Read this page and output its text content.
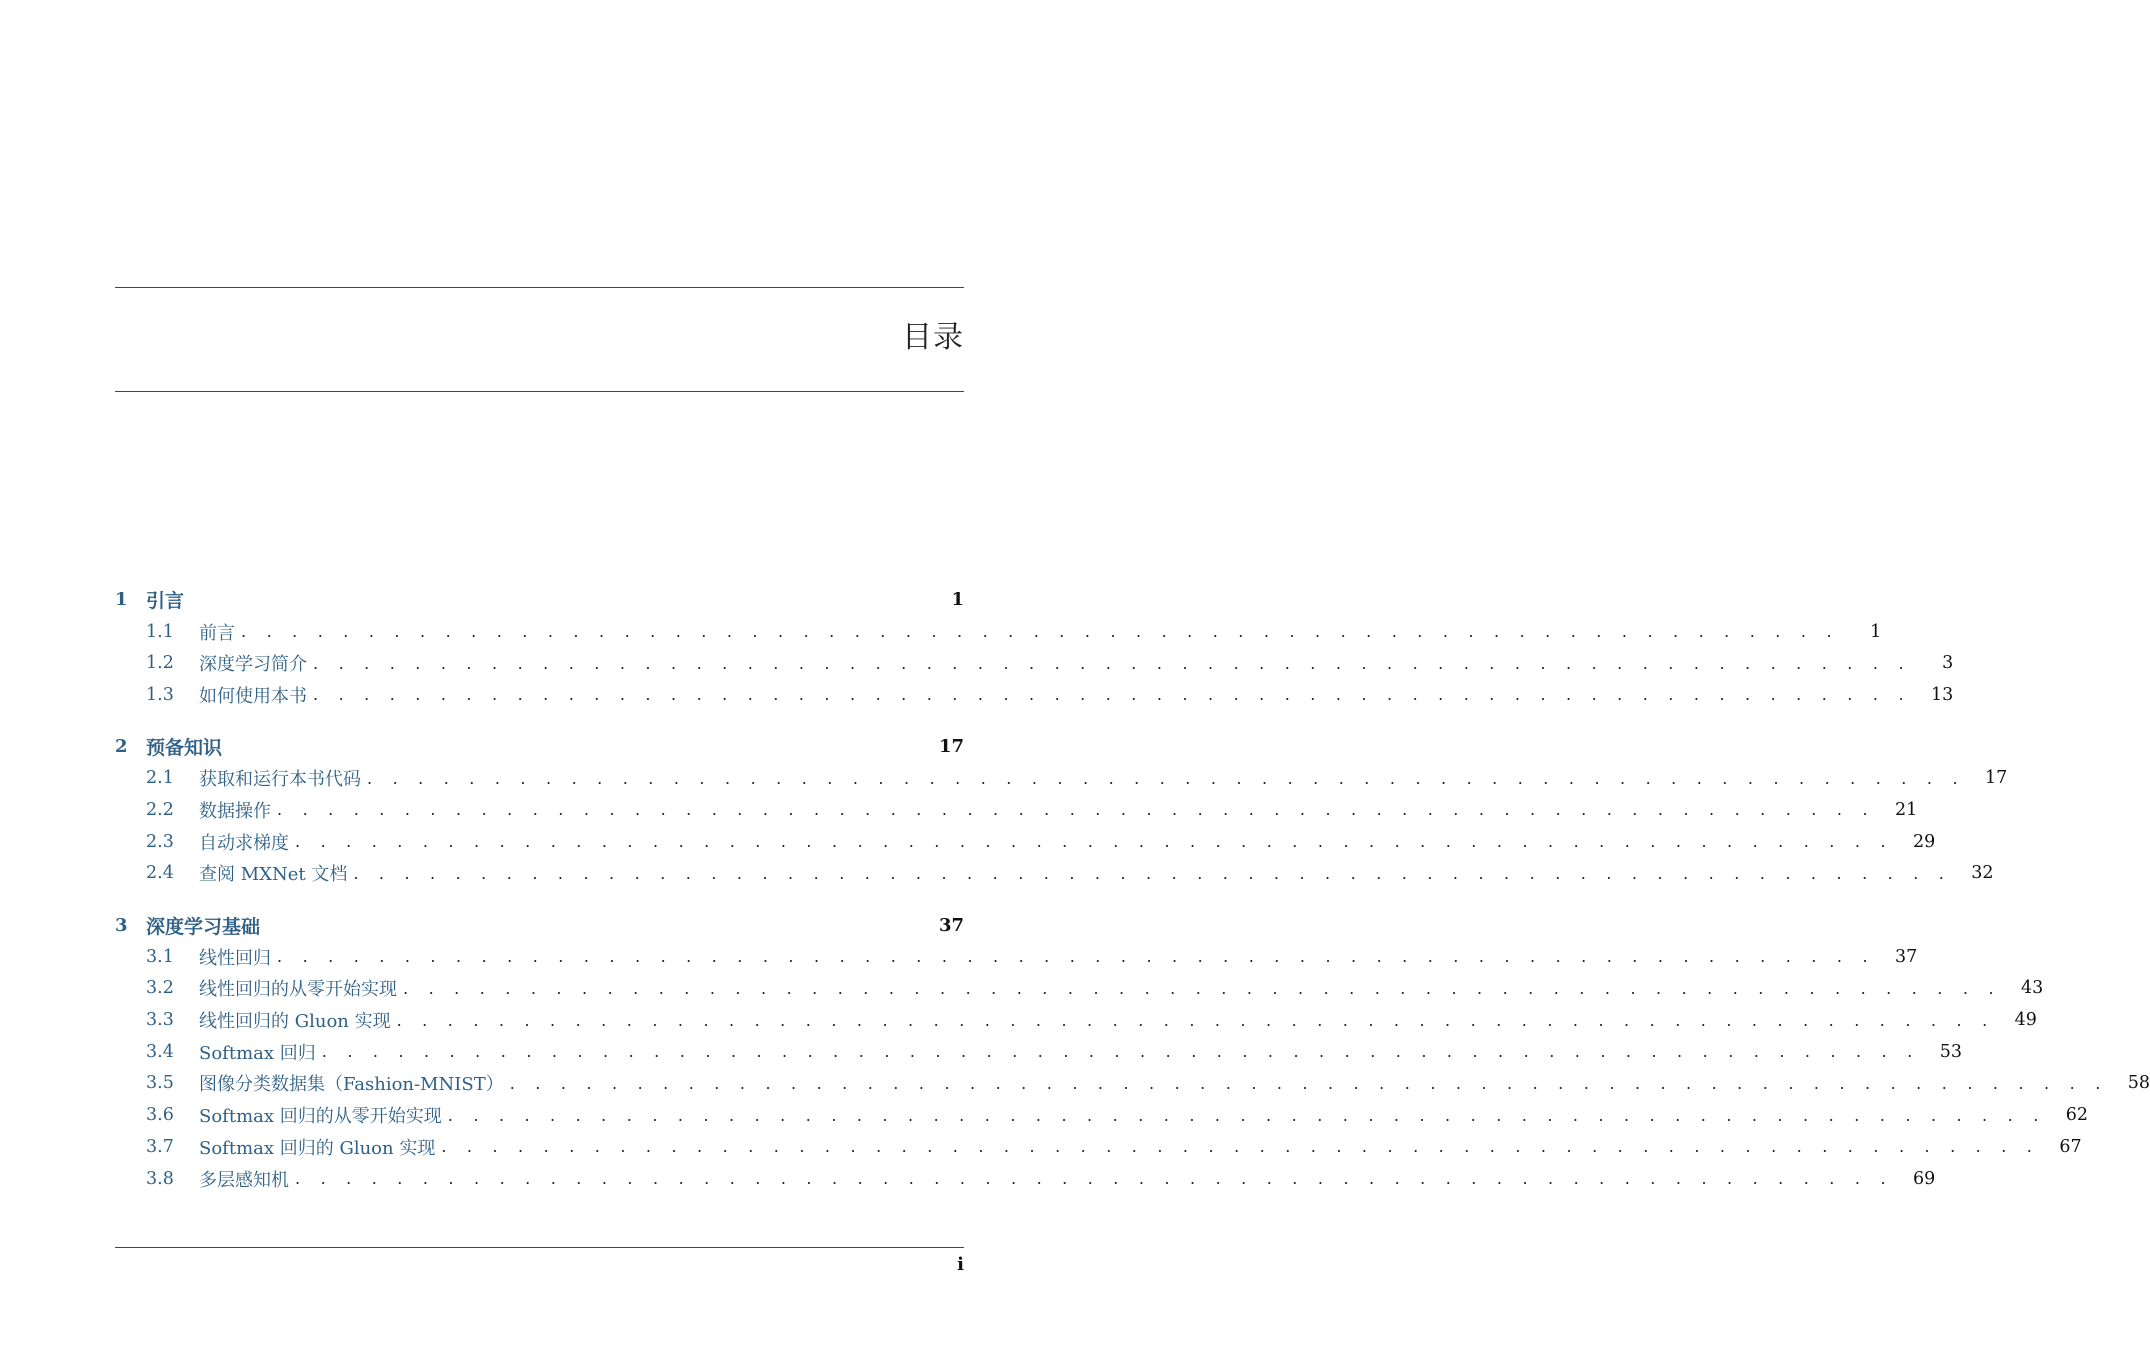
目录
1 引言	1
1.1	前言 . . . . . . . . . . . . . . . . . . . . . . . . . . . . . . . . . . . . . . . . . . . . . . . . . . . . . . . . . . . . . . .	1
1.2	深度学习简介 . . . . . . . . . . . . . . . . . . . . . . . . . . . . . . . . . . . . . . . . . . . . . . . . . . . . . . . . . . . . . . .	3
1.3	如何使用本书 . . . . . . . . . . . . . . . . . . . . . . . . . . . . . . . . . . . . . . . . . . . . . . . . . . . . . . . . . . . . . . .	13
2 预备知识	17
2.1	获取和运行本书代码 . . . . . . . . . . . . . . . . . . . . . . . . . . . . . . . . . . . . . . . . . . . . . . . . . . . . . . . . . . . . . . .	17
2.2	数据操作 . . . . . . . . . . . . . . . . . . . . . . . . . . . . . . . . . . . . . . . . . . . . . . . . . . . . . . . . . . . . . . .	21
2.3	自动求梯度 . . . . . . . . . . . . . . . . . . . . . . . . . . . . . . . . . . . . . . . . . . . . . . . . . . . . . . . . . . . . . . .	29
2.4	查阅 MXNet 文档 . . . . . . . . . . . . . . . . . . . . . . . . . . . . . . . . . . . . . . . . . . . . . . . . . . . . . . . . . . . . . . .	32
3 深度学习基础	37
3.1	线性回归 . . . . . . . . . . . . . . . . . . . . . . . . . . . . . . . . . . . . . . . . . . . . . . . . . . . . . . . . . . . . . . .	37
3.2	线性回归的从零开始实现 . . . . . . . . . . . . . . . . . . . . . . . . . . . . . . . . . . . . . . . . . . . . . . . . . . . . . . . . . . . . . . .	43
3.3	线性回归的 Gluon 实现 . . . . . . . . . . . . . . . . . . . . . . . . . . . . . . . . . . . . . . . . . . . . . . . . . . . . . . . . . . . . . . .	49
3.4	Softmax 回归 . . . . . . . . . . . . . . . . . . . . . . . . . . . . . . . . . . . . . . . . . . . . . . . . . . . . . . . . . . . . . . .	53
3.5	图像分类数据集（Fashion-MNIST） . . . . . . . . . . . . . . . . . . . . . . . . . . . . . . . . . . . . . . . . . . . . . . . . . . . . . . . . . . . . . . .	58
3.6	Softmax 回归的从零开始实现 . . . . . . . . . . . . . . . . . . . . . . . . . . . . . . . . . . . . . . . . . . . . . . . . . . . . . . . . . . . . . . .	62
3.7	Softmax 回归的 Gluon 实现 . . . . . . . . . . . . . . . . . . . . . . . . . . . . . . . . . . . . . . . . . . . . . . . . . . . . . . . . . . . . . . .	67
3.8	多层感知机 . . . . . . . . . . . . . . . . . . . . . . . . . . . . . . . . . . . . . . . . . . . . . . . . . . . . . . . . . . . . . . .	69
i
